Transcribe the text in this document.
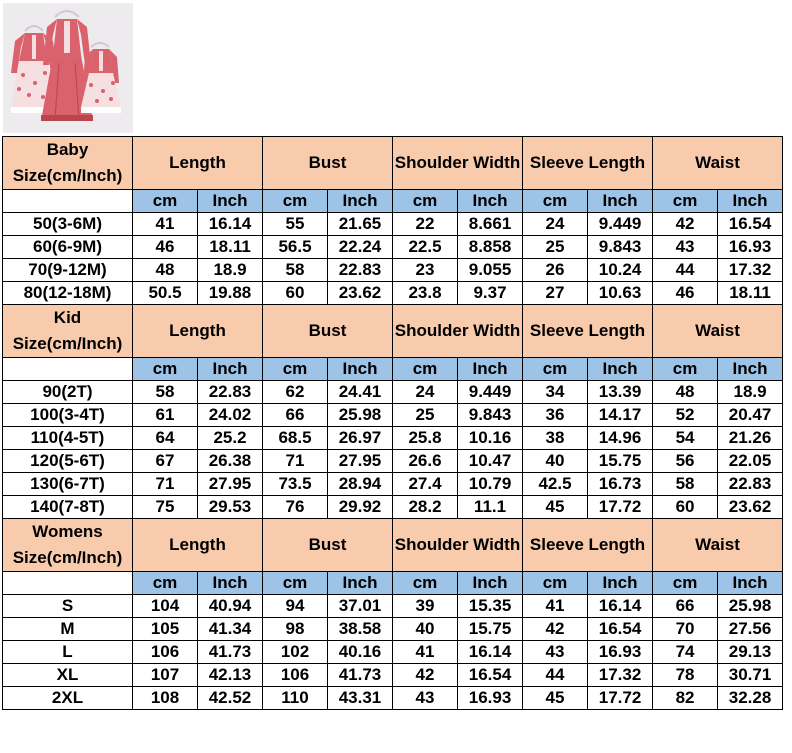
Baby
Size(cm/Inch)	Length		Bust		Shoulder Width		Sleeve Length		Waist	
	cm	Inch	cm	Inch	cm	Inch	cm	Inch	cm	Inch
50(3-6M)	41	16.14	55	21.65	22	8.661	24	9.449	42	16.54
60(6-9M)	46	18.11	56.5	22.24	22.5	8.858	25	9.843	43	16.93
70(9-12M)	48	18.9	58	22.83	23	9.055	26	10.24	44	17.32
80(12-18M)	50.5	19.88	60	23.62	23.8	9.37	27	10.63	46	18.11
Kid
Size(cm/Inch)	Length		Bust		Shoulder Width		Sleeve Length		Waist	
	cm	Inch	cm	Inch	cm	Inch	cm	Inch	cm	Inch
90(2T)	58	22.83	62	24.41	24	9.449	34	13.39	48	18.9
100(3-4T)	61	24.02	66	25.98	25	9.843	36	14.17	52	20.47
110(4-5T)	64	25.2	68.5	26.97	25.8	10.16	38	14.96	54	21.26
120(5-6T)	67	26.38	71	27.95	26.6	10.47	40	15.75	56	22.05
130(6-7T)	71	27.95	73.5	28.94	27.4	10.79	42.5	16.73	58	22.83
140(7-8T)	75	29.53	76	29.92	28.2	11.1	45	17.72	60	23.62
Womens
Size(cm/Inch)	Length		Bust		Shoulder Width		Sleeve Length		Waist	
	cm	Inch	cm	Inch	cm	Inch	cm	Inch	cm	Inch
S	104	40.94	94	37.01	39	15.35	41	16.14	66	25.98
M	105	41.34	98	38.58	40	15.75	42	16.54	70	27.56
L	106	41.73	102	40.16	41	16.14	43	16.93	74	29.13
XL	107	42.13	106	41.73	42	16.54	44	17.32	78	30.71
2XL	108	42.52	110	43.31	43	16.93	45	17.72	82	32.28
